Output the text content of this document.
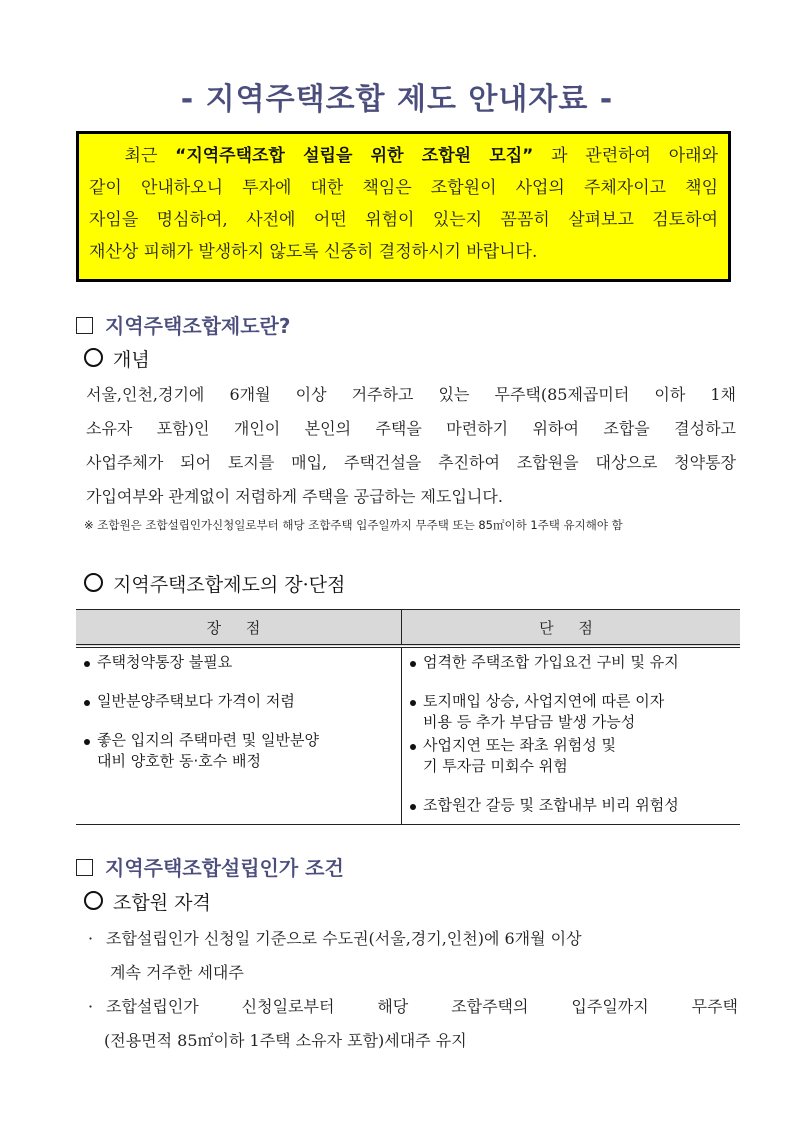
- 지역주택조합 제도 안내자료 -
최근 “지역주택조합 설립을 위한 조합원 모집” 과 관련하여 아래와
같이 안내하오니 투자에 대한 책임은 조합원이 사업의 주체자이고 책임
자임을 명심하여, 사전에 어떤 위험이 있는지 꼼꼼히 살펴보고 검토하여
재산상 피해가 발생하지 않도록 신중히 결정하시기 바랍니다.
지역주택조합제도란?
개념
서울,인천,경기에 6개월 이상 거주하고 있는 무주택(85제곱미터 이하 1채
소유자 포함)인 개인이 본인의 주택을 마련하기 위하여 조합을 결성하고
사업주체가 되어 토지를 매입, 주택건설을 추진하여 조합원을 대상으로 청약통장
가입여부와 관계없이 저렴하게 주택을 공급하는 제도입니다.
※ 조합원은 조합설립인가신청일로부터 해당 조합주택 입주일까지 무주택 또는 85㎡이하 1주택 유지해야 함
지역주택조합제도의 장·단점
장 점	단 점

주택청약통장 불필요
일반분양주택보다 가격이 저렴
좋은 입지의 주택마련 및 일반분양
대비 양호한 동·호수 배정

엄격한 주택조합 가입요건 구비 및 유지
토지매입 상승, 사업지연에 따른 이자
비용 등 추가 부담금 발생 가능성
사업지연 또는 좌초 위험성 및
기 투자금 미회수 위험
조합원간 갈등 및 조합내부 비리 위험성
지역주택조합설립인가 조건
조합원 자격
· 조합설립인가 신청일 기준으로 수도권(서울,경기,인천)에 6개월 이상
계속 거주한 세대주
· 조합설립인가 신청일로부터 해당 조합주택의 입주일까지 무주택
(전용면적 85㎡이하 1주택 소유자 포함)세대주 유지
